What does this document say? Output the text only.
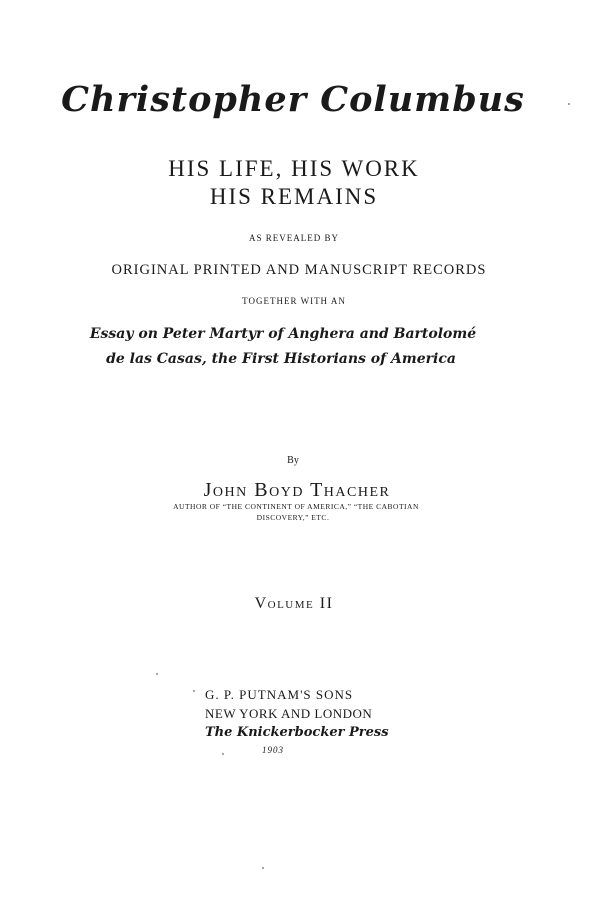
Christopher Columbus
HIS LIFE, HIS WORK
HIS REMAINS
AS REVEALED BY
ORIGINAL PRINTED AND MANUSCRIPT RECORDS
TOGETHER WITH AN
Essay on Peter Martyr of Anghera and Bartolomé
de las Casas, the First Historians of America
By
John Boyd Thacher
AUTHOR OF “THE CONTINENT OF AMERICA,” “THE CABOTIAN
DISCOVERY,” ETC.
Volume II
G. P. PUTNAM'S SONS
NEW YORK AND LONDON
The Knickerbocker Press
1903
